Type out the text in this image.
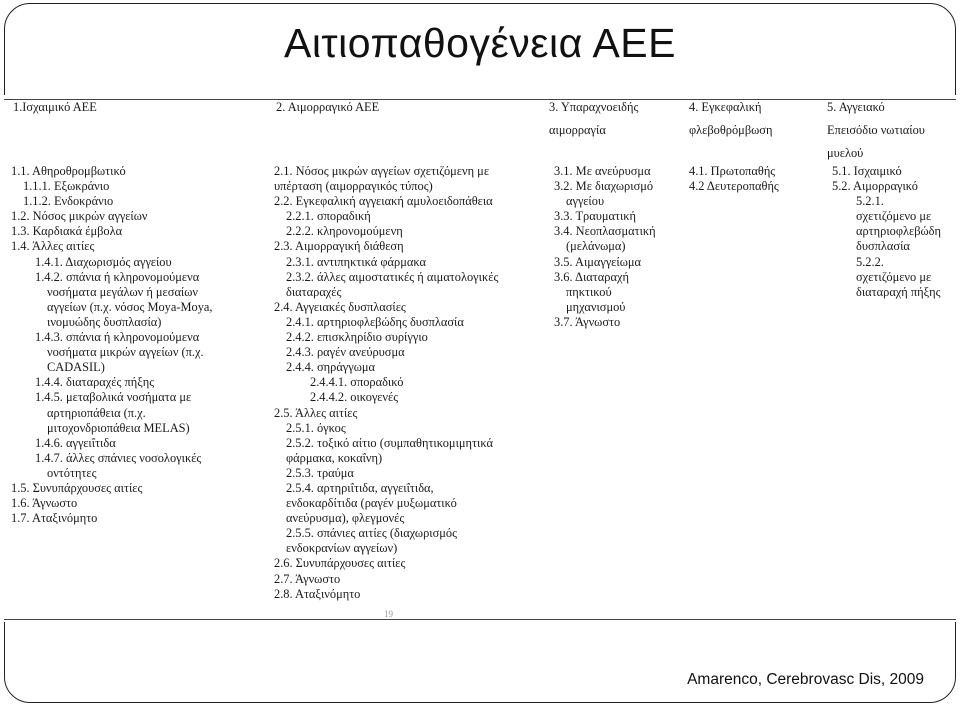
Αιτιοπαθογένεια ΑΕΕ
1.Ισχαιμικό ΑΕΕ	2. Αιμορραγικό ΑΕΕ	3. Υπαραχνοειδής
αιμορραγία
4. Εγκεφαλική
φλεβοθρόμβωση
5. Αγγειακό
Επεισόδιο νωτιαίου
μυελού
1.1. Αθηροθρομβωτικό
1.1.1. Εξωκράνιο
1.1.2. Ενδοκράνιο
1.2. Νόσος μικρών αγγείων
1.3. Καρδιακά έμβολα
1.4. Άλλες αιτίες
1.4.1. Διαχωρισμός αγγείου
1.4.2. σπάνια ή κληρονομούμενα
νοσήματα μεγάλων ή μεσαίων
αγγείων (π.χ. νόσος Moya-Moya,
ινομυώδης δυσπλασία)
1.4.3. σπάνια ή κληρονομούμενα
νοσήματα μικρών αγγείων (π.χ.
CADASIL)
1.4.4. διαταραχές πήξης
1.4.5. μεταβολικά νοσήματα με
αρτηριοπάθεια (π.χ.
μιτοχονδριοπάθεια MELAS)
1.4.6. αγγειΐτιδα
1.4.7. άλλες σπάνιες νοσολογικές
οντότητες
1.5. Συνυπάρχουσες αιτίες
1.6. Άγνωστο
1.7. Αταξινόμητο
2.1. Νόσος μικρών αγγείων σχετιζόμενη με
υπέρταση (αιμορραγικός τύπος)
2.2. Εγκεφαλική αγγειακή αμυλοειδοπάθεια
2.2.1. σποραδική
2.2.2. κληρονομούμενη
2.3. Αιμορραγική διάθεση
2.3.1. αντιπηκτικά φάρμακα
2.3.2. άλλες αιμοστατικές ή αιματολογικές
διαταραχές
2.4. Αγγειακές δυσπλασίες
2.4.1. αρτηριοφλεβώδης δυσπλασία
2.4.2. επισκληρίδιο συρίγγιο
2.4.3. ραγέν ανεύρυσμα
2.4.4. σηράγγωμα
2.4.4.1. σποραδικό
2.4.4.2. οικογενές
2.5. Άλλες αιτίες
2.5.1. όγκος
2.5.2. τοξικό αίτιο (συμπαθητικομιμητικά
φάρμακα, κοκαΐνη)
2.5.3. τραύμα
2.5.4. αρτηριΐτιδα, αγγειΐτιδα,
ενδοκαρδίτιδα (ραγέν μυξωματικό
ανεύρυσμα), φλεγμονές
2.5.5. σπάνιες αιτίες (διαχωρισμός
ενδοκρανίων αγγείων)
2.6. Συνυπάρχουσες αιτίες
2.7. Άγνωστο
2.8. Αταξινόμητο
3.1. Με ανεύρυσμα
3.2. Με διαχωρισμό
αγγείου
3.3. Τραυματική
3.4. Νεοπλασματική
(μελάνωμα)
3.5. Αιμαγγείωμα
3.6. Διαταραχή
πηκτικού
μηχανισμού
3.7. Άγνωστο
4.1. Πρωτοπαθής
4.2 Δευτεροπαθής
5.1. Ισχαιμικό
5.2. Αιμορραγικό
5.2.1.
σχετιζόμενο με
αρτηριοφλεβώδη
δυσπλασία
5.2.2.
σχετιζόμενο με
διαταραχή πήξης
19
Amarenco, Cerebrovasc Dis, 2009
